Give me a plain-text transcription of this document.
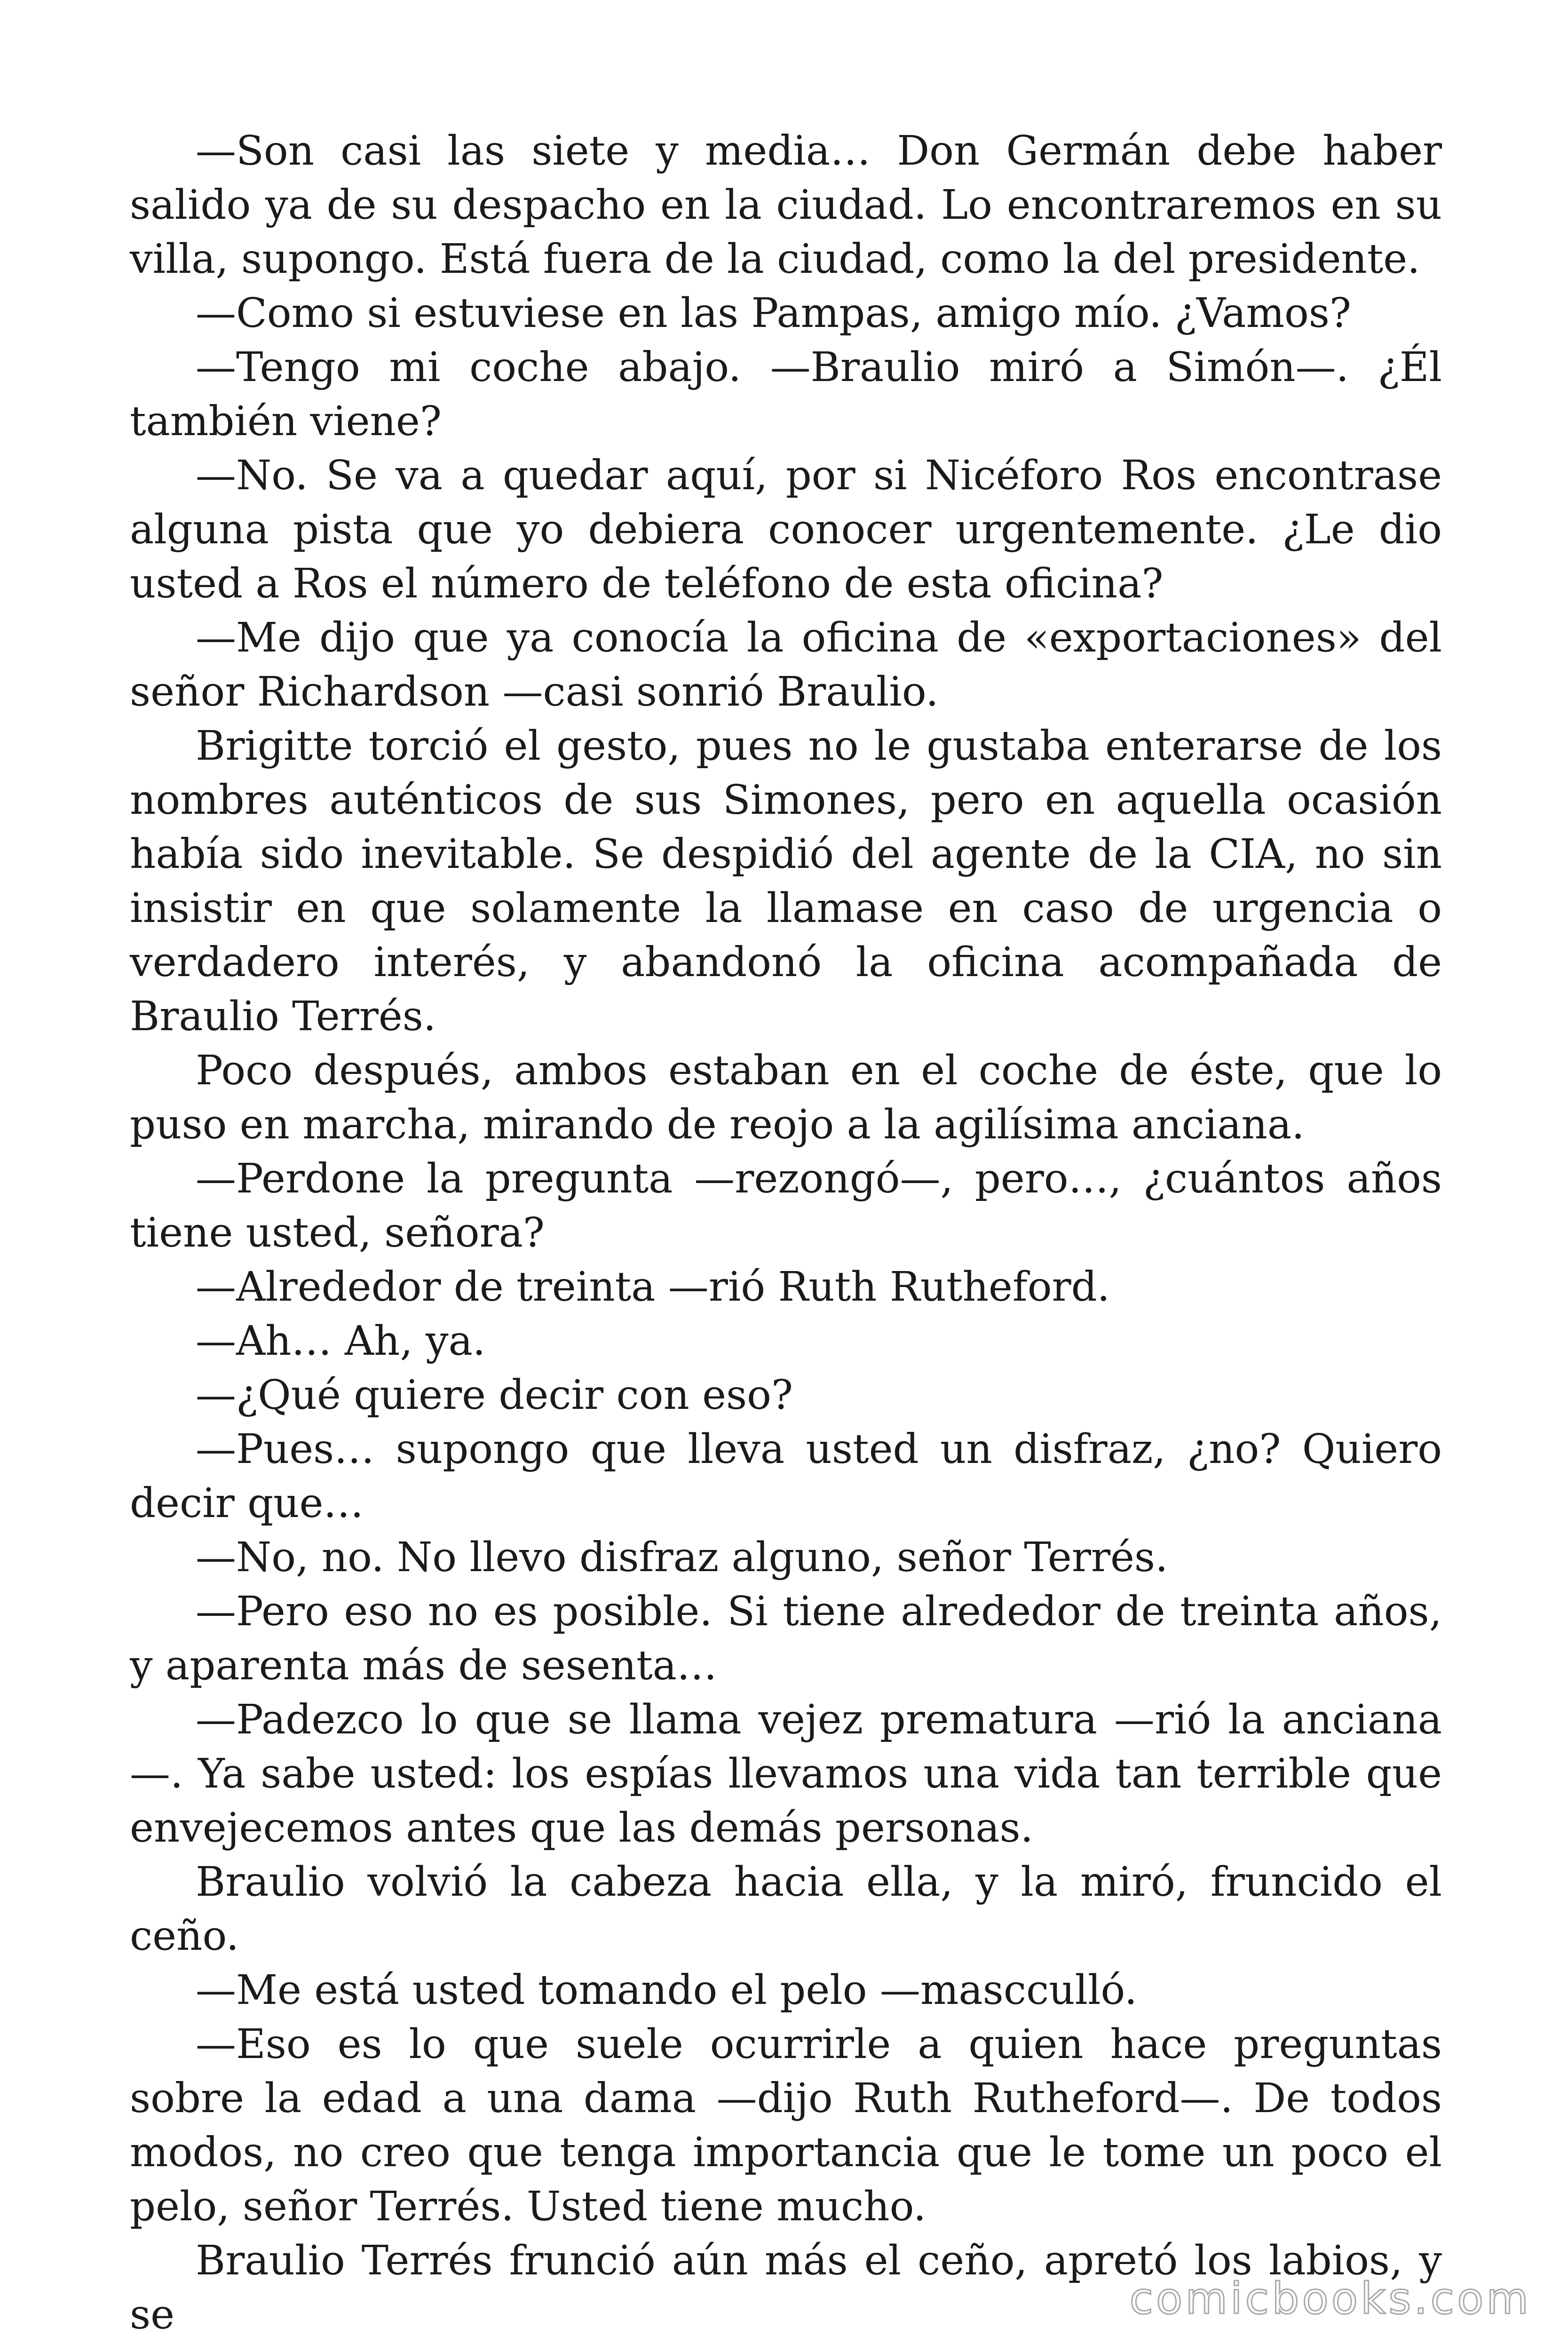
—Son casi las siete y media… Don Germán debe haber salido ya de su despacho en la ciudad. Lo encontraremos en su villa, supongo. Está fuera de la ciudad, como la del presidente.

—Como si estuviese en las Pampas, amigo mío. ¿Vamos?

—Tengo mi coche abajo. —Braulio miró a Simón—. ¿Él también viene?

—No. Se va a quedar aquí, por si Nicéforo Ros encontrase alguna pista que yo debiera conocer urgentemente. ¿Le dio usted a Ros el número de teléfono de esta oficina?

—Me dijo que ya conocía la oficina de «exportaciones» del señor Richardson —casi sonrió Braulio.

Brigitte torció el gesto, pues no le gustaba enterarse de los nombres auténticos de sus Simones, pero en aquella ocasión había sido inevitable. Se despidió del agente de la CIA, no sin insistir en que solamente la llamase en caso de urgencia o verdadero interés, y abandonó la oficina acompañada de Braulio Terrés.

Poco después, ambos estaban en el coche de éste, que lo puso en marcha, mirando de reojo a la agilísima anciana.

—Perdone la pregunta —rezongó—, pero…, ¿cuántos años tiene usted, señora?

—Alrededor de treinta —rió Ruth Rutheford.

—Ah… Ah, ya.

—¿Qué quiere decir con eso?

—Pues… supongo que lleva usted un disfraz, ¿no? Quiero decir que…

—No, no. No llevo disfraz alguno, señor Terrés.

—Pero eso no es posible. Si tiene alrededor de treinta años, y aparenta más de sesenta…

—Padezco lo que se llama vejez prematura —rió la anciana—. Ya sabe usted: los espías llevamos una vida tan terrible que envejecemos antes que las demás personas.

Braulio volvió la cabeza hacia ella, y la miró, fruncido el ceño.

—Me está usted tomando el pelo —mascculló.

—Eso es lo que suele ocurrirle a quien hace preguntas sobre la edad a una dama —dijo Ruth Rutheford—. De todos modos, no creo que tenga importancia que le tome un poco el pelo, señor Terrés. Usted tiene mucho.

Braulio Terrés frunció aún más el ceño, apretó los labios, y se	comicbooks.com
